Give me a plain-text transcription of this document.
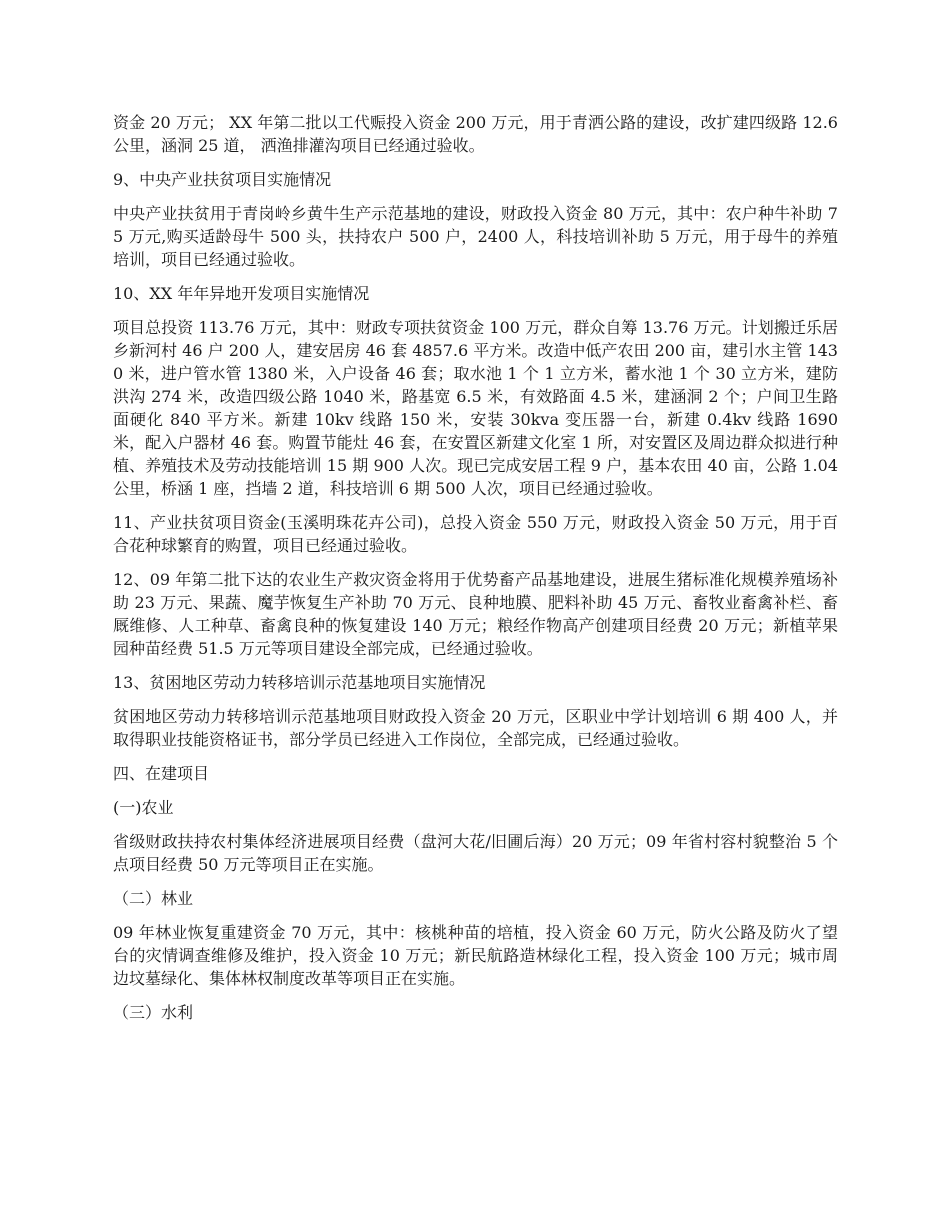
资金 20 万元； XX 年第二批以工代赈投入资金 200 万元，用于青洒公路的建设，改扩建四级路 12.6 公里，涵洞 25 道， 洒渔排灌沟项目已经通过验收。

9、中央产业扶贫项目实施情况

中央产业扶贫用于青岗岭乡黄牛生产示范基地的建设，财政投入资金 80 万元，其中：农户种牛补助 75 万元,购买适龄母牛 500 头，扶持农户 500 户，2400 人，科技培训补助 5 万元，用于母牛的养殖培训，项目已经通过验收。

10、XX 年年异地开发项目实施情况

项目总投资 113.76 万元，其中：财政专项扶贫资金 100 万元，群众自筹 13.76 万元。计划搬迁乐居乡新河村 46 户 200 人，建安居房 46 套 4857.6 平方米。改造中低产农田 200 亩，建引水主管 1430 米，进户管水管 1380 米，入户设备 46 套；取水池 1 个 1 立方米，蓄水池 1 个 30 立方米，建防洪沟 274 米，改造四级公路 1040 米，路基宽 6.5 米，有效路面 4.5 米，建涵洞 2 个；户间卫生路面硬化 840 平方米。新建 10kv 线路 150 米，安装 30kva 变压器一台，新建 0.4kv 线路 1690 米，配入户器材 46 套。购置节能灶 46 套，在安置区新建文化室 1 所，对安置区及周边群众拟进行种植、养殖技术及劳动技能培训 15 期 900 人次。现已完成安居工程 9 户，基本农田 40 亩，公路 1.04 公里，桥涵 1 座，挡墙 2 道，科技培训 6 期 500 人次，项目已经通过验收。

11、产业扶贫项目资金(玉溪明珠花卉公司)，总投入资金 550 万元，财政投入资金 50 万元，用于百合花种球繁育的购置，项目已经通过验收。

12、09 年第二批下达的农业生产救灾资金将用于优势畜产品基地建设，进展生猪标准化规模养殖场补助 23 万元、果蔬、魔芋恢复生产补助 70 万元、良种地膜、肥料补助 45 万元、畜牧业畜禽补栏、畜厩维修、人工种草、畜禽良种的恢复建设 140 万元；粮经作物高产创建项目经费 20 万元；新植苹果园种苗经费 51.5 万元等项目建设全部完成，已经通过验收。

13、贫困地区劳动力转移培训示范基地项目实施情况

贫困地区劳动力转移培训示范基地项目财政投入资金 20 万元，区职业中学计划培训 6 期 400 人，并取得职业技能资格证书，部分学员已经进入工作岗位，全部完成，已经通过验收。

四、在建项目

(一)农业

省级财政扶持农村集体经济进展项目经费（盘河大花/旧圃后海）20 万元；09 年省村容村貌整治 5 个点项目经费 50 万元等项目正在实施。

（二）林业

09 年林业恢复重建资金 70 万元，其中：核桃种苗的培植，投入资金 60 万元，防火公路及防火了望台的灾情调查维修及维护，投入资金 10 万元；新民航路造林绿化工程，投入资金 100 万元；城市周边坟墓绿化、集体林权制度改革等项目正在实施。

（三）水利
